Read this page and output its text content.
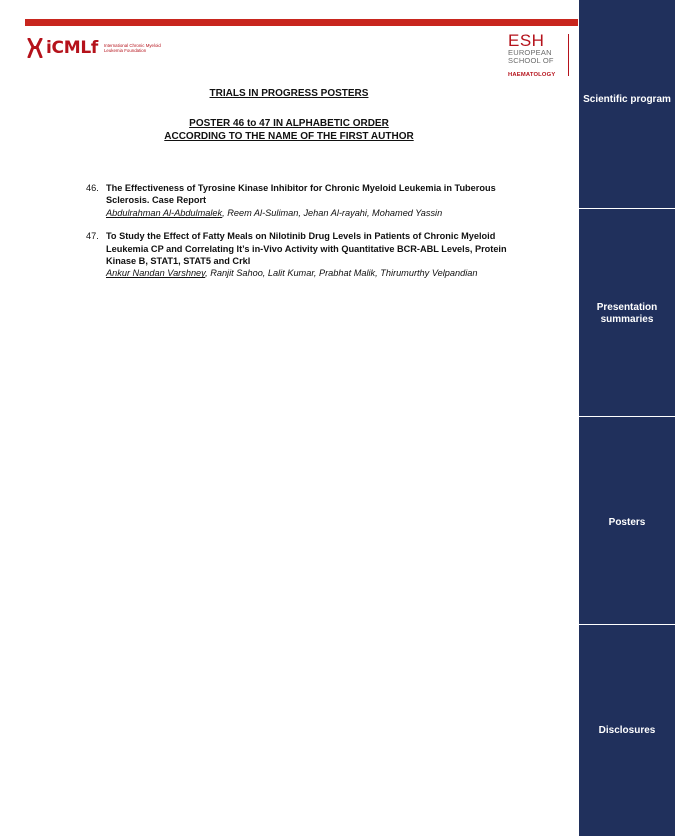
iCMLf International Chronic Myeloid Leukemia Foundation
ESH
EUROPEAN
SCHOOL OF
HAEMATOLOGY
TRIALS IN PROGRESS POSTERS
POSTER 46 to 47 IN ALPHABETIC ORDER
ACCORDING TO THE NAME OF THE FIRST AUTHOR
46. The Effectiveness of Tyrosine Kinase Inhibitor for Chronic Myeloid Leukemia in Tuberous Sclerosis. Case Report
Abdulrahman Al-Abdulmalek, Reem Al-Suliman, Jehan Al-rayahi, Mohamed Yassin
47. To Study the Effect of Fatty Meals on Nilotinib Drug Levels in Patients of Chronic Myeloid Leukemia CP and Correlating It’s in-Vivo Activity with Quantitative BCR-ABL Levels, Protein Kinase B, STAT1, STAT5 and Crkl
Ankur Nandan Varshney, Ranjit Sahoo, Lalit Kumar, Prabhat Malik, Thirumurthy Velpandian
Scientific program
Presentation summaries
Posters
Disclosures
